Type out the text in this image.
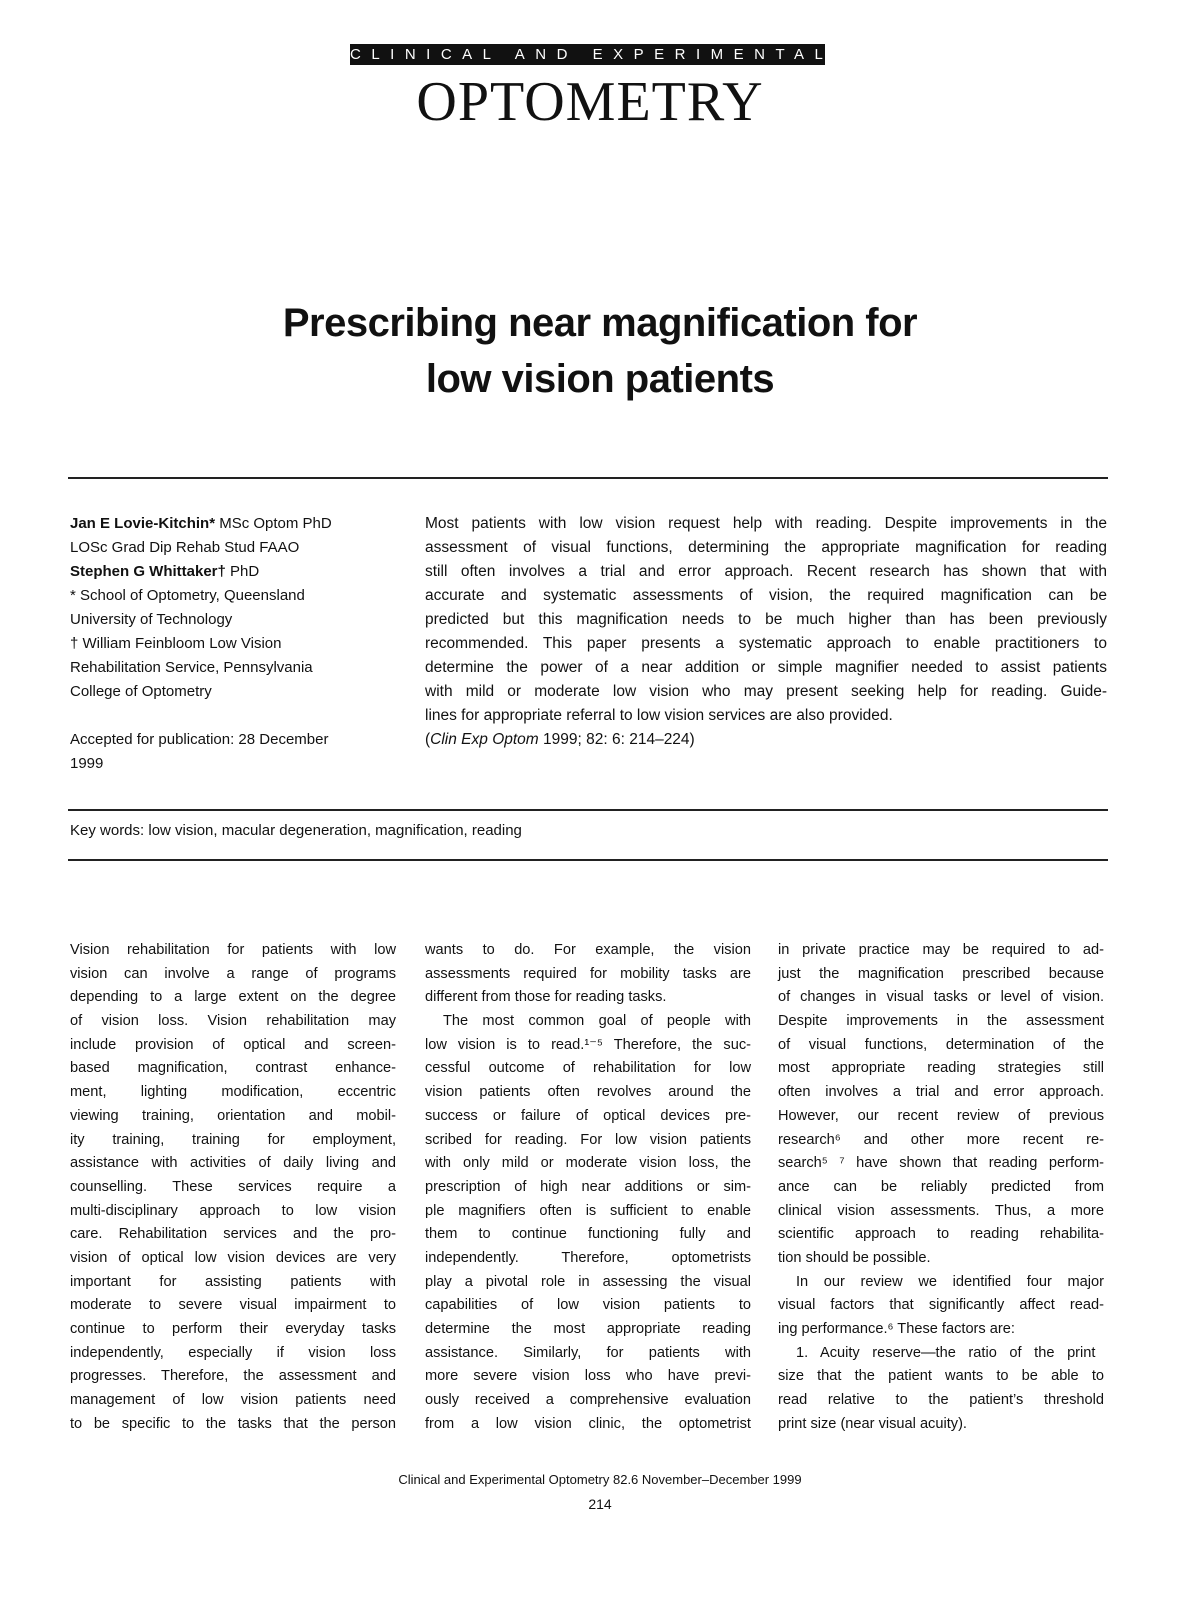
CLINICAL AND EXPERIMENTAL
OPTOMETRY
Prescribing near magnification for
low vision patients
Jan E Lovie-Kitchin* MSc Optom PhD
LOSc Grad Dip Rehab Stud FAAO
Stephen G Whittaker† PhD
* School of Optometry, Queensland
University of Technology
† William Feinbloom Low Vision
Rehabilitation Service, Pennsylvania
College of Optometry
Accepted for publication: 28 December
1999
Most patients with low vision request help with reading. Despite improvements in the
assessment of visual functions, determining the appropriate magnification for reading
still often involves a trial and error approach. Recent research has shown that with
accurate and systematic assessments of vision, the required magnification can be
predicted but this magnification needs to be much higher than has been previously
recommended. This paper presents a systematic approach to enable practitioners to
determine the power of a near addition or simple magnifier needed to assist patients
with mild or moderate low vision who may present seeking help for reading. Guide-
lines for appropriate referral to low vision services are also provided.
(Clin Exp Optom 1999; 82: 6: 214–224)
Key words: low vision, macular degeneration, magnification, reading
Vision rehabilitation for patients with low
vision can involve a range of programs
depending to a large extent on the degree
of vision loss. Vision rehabilitation may
include provision of optical and screen-
based magnification, contrast enhance-
ment, lighting modification, eccentric
viewing training, orientation and mobil-
ity training, training for employment,
assistance with activities of daily living and
counselling. These services require a
multi-disciplinary approach to low vision
care. Rehabilitation services and the pro-
vision of optical low vision devices are very
important for assisting patients with
moderate to severe visual impairment to
continue to perform their everyday tasks
independently, especially if vision loss
progresses. Therefore, the assessment and
management of low vision patients need
to be specific to the tasks that the person
wants to do. For example, the vision
assessments required for mobility tasks are
different from those for reading tasks.
The most common goal of people with
low vision is to read.¹⁻⁵ Therefore, the suc-
cessful outcome of rehabilitation for low
vision patients often revolves around the
success or failure of optical devices pre-
scribed for reading. For low vision patients
with only mild or moderate vision loss, the
prescription of high near additions or sim-
ple magnifiers often is sufficient to enable
them to continue functioning fully and
independently. Therefore, optometrists
play a pivotal role in assessing the visual
capabilities of low vision patients to
determine the most appropriate reading
assistance. Similarly, for patients with
more severe vision loss who have previ-
ously received a comprehensive evaluation
from a low vision clinic, the optometrist
in private practice may be required to ad-
just the magnification prescribed because
of changes in visual tasks or level of vision.
Despite improvements in the assessment
of visual functions, determination of the
most appropriate reading strategies still
often involves a trial and error approach.
However, our recent review of previous
research⁶ and other more recent re-
search⁵ ⁷ have shown that reading perform-
ance can be reliably predicted from
clinical vision assessments. Thus, a more
scientific approach to reading rehabilita-
tion should be possible.
In our review we identified four major
visual factors that significantly affect read-
ing performance.⁶ These factors are:
1. Acuity reserve—the ratio of the print
size that the patient wants to be able to
read relative to the patient’s threshold
print size (near visual acuity).
Clinical and Experimental Optometry 82.6 November–December 1999
214
